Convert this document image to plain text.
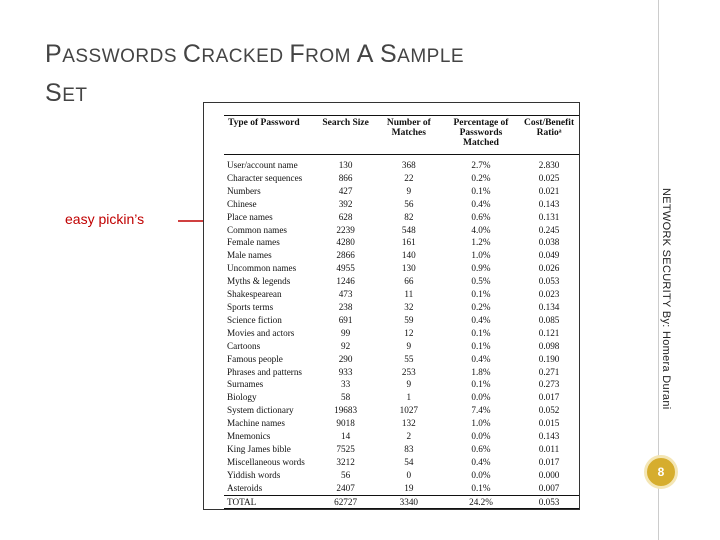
PASSWORDS CRACKED FROM A SAMPLE
SET
easy pickin’s
Type of Password	Search Size	Number of Matches	Percentage of Passwords Matched	Cost/Benefit Ratioᵃ
User/account name	130	368	2.7%	2.830
Character sequences	866	22	0.2%	0.025
Numbers	427	9	0.1%	0.021
Chinese	392	56	0.4%	0.143
Place names	628	82	0.6%	0.131
Common names	2239	548	4.0%	0.245
Female names	4280	161	1.2%	0.038
Male names	2866	140	1.0%	0.049
Uncommon names	4955	130	0.9%	0.026
Myths & legends	1246	66	0.5%	0.053
Shakespearean	473	11	0.1%	0.023
Sports terms	238	32	0.2%	0.134
Science fiction	691	59	0.4%	0.085
Movies and actors	99	12	0.1%	0.121
Cartoons	92	9	0.1%	0.098
Famous people	290	55	0.4%	0.190
Phrases and patterns	933	253	1.8%	0.271
Surnames	33	9	0.1%	0.273
Biology	58	1	0.0%	0.017
System dictionary	19683	1027	7.4%	0.052
Machine names	9018	132	1.0%	0.015
Mnemonics	14	2	0.0%	0.143
King James bible	7525	83	0.6%	0.011
Miscellaneous words	3212	54	0.4%	0.017
Yiddish words	56	0	0.0%	0.000
Asteroids	2407	19	0.1%	0.007
TOTAL	62727	3340	24.2%	0.053
NETWORK SECURITY By: Homera Durani
8
